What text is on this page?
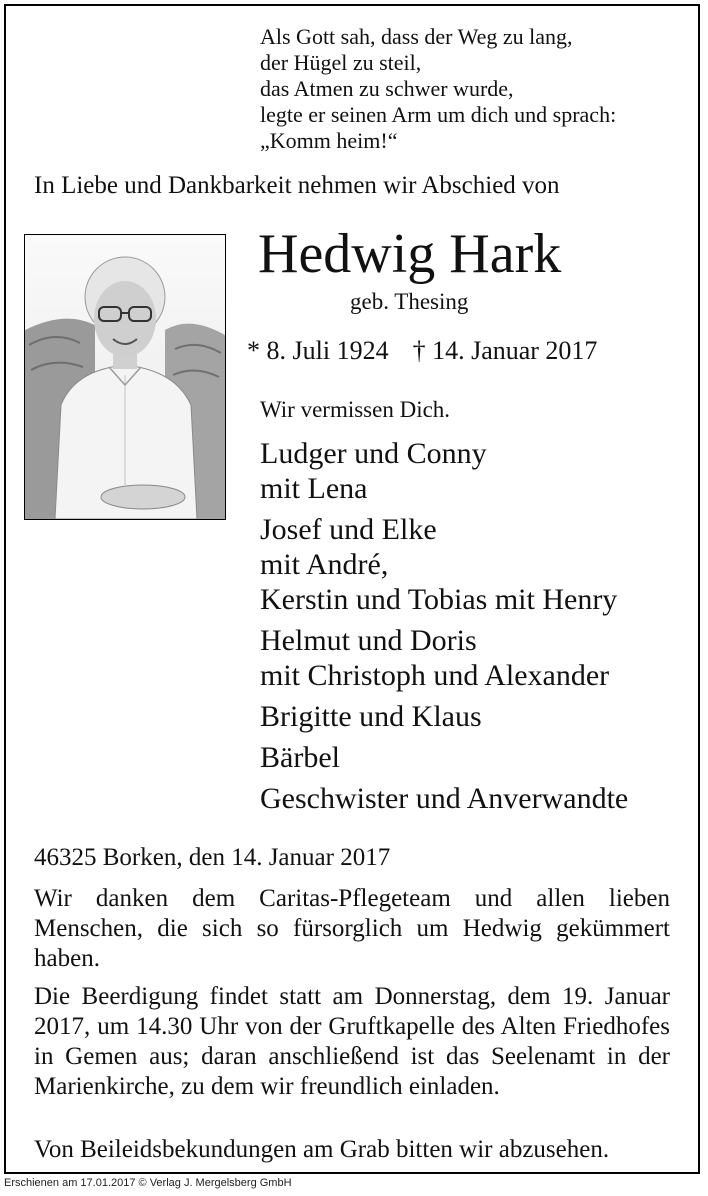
Als Gott sah, dass der Weg zu lang,
der Hügel zu steil,
das Atmen zu schwer wurde,
legte er seinen Arm um dich und sprach:
„Komm heim!“
In Liebe und Dankbarkeit nehmen wir Abschied von
Hedwig Hark
geb. Thesing
* 8. Juli 1924 † 14. Januar 2017
Wir vermissen Dich.
Ludger und Conny
mit Lena
Josef und Elke
mit André,
Kerstin und Tobias mit Henry
Helmut und Doris
mit Christoph und Alexander
Brigitte und Klaus
Bärbel
Geschwister und Anverwandte
46325 Borken, den 14. Januar 2017
Wir danken dem Caritas-Pflegeteam und allen lieben Menschen, die sich so fürsorglich um Hedwig gekümmert haben.
Die Beerdigung findet statt am Donnerstag, dem 19. Januar 2017, um 14.30 Uhr von der Gruftkapelle des Alten Friedhofes in Gemen aus; daran anschließend ist das Seelenamt in der Marienkirche, zu dem wir freundlich einladen.
Von Beileidsbekundungen am Grab bitten wir abzusehen.
Erschienen am 17.01.2017 © Verlag J. Mergelsberg GmbH
